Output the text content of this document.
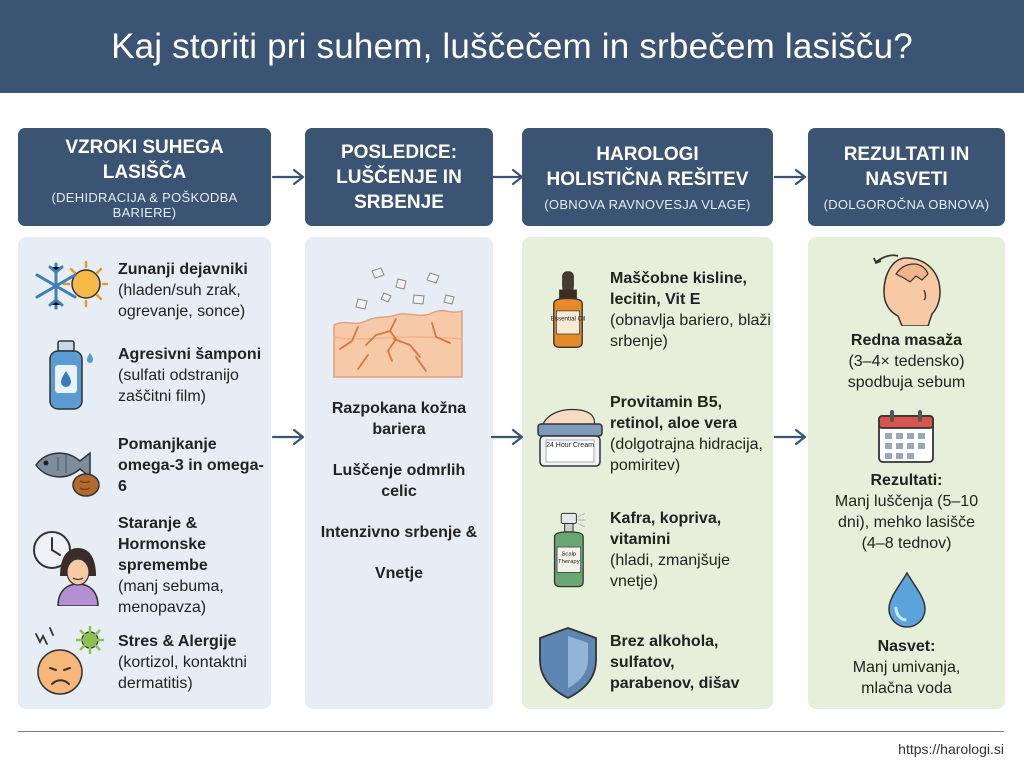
Kaj storiti pri suhem, luščečem in srbečem lasišču?
VZROKI SUHEGA LASIŠČA
(DEHIDRACIJA & POŠKODBA BARIERE)
POSLEDICE: LUŠČENJE IN SRBENJE
HAROLOGI HOLISTIČNA REŠITEV
(OBNOVA RAVNOVESJA VLAGE)
REZULTATI IN NASVETI
(DOLGOROČNA OBNOVA)
Zunanji dejavniki
(hladen/suh zrak, ogrevanje, sonce)
Agresivni šamponi
(sulfati odstranijo zaščitni film)
Pomanjkanje omega-3 in omega-6
Staranje & Hormonske spremembe
(manj sebuma, menopavza)
Stres & Alergije
(kortizol, kontaktni dermatitis)
Razpokana kožna bariera
Luščenje odmrlih celic
Intenzivno srbenje &
Vnetje
Essential Oil
Maščobne kisline, lecitin, Vit E
(obnavlja bariero, blaži srbenje)
24 Hour Cream
Provitamin B5, retinol, aloe vera
(dolgotrajna hidracija, pomiritev)
Scalp Therapy
Kafra, kopriva, vitamini
(hladi, zmanjšuje vnetje)
Brez alkohola, sulfatov, parabenov, dišav
Redna masaža
(3–4× tedensko) spodbuja sebum
Rezultati:
Manj luščenja (5–10 dni), mehko lasišče (4–8 tednov)
Nasvet:
Manj umivanja, mlačna voda
https://harologi.si
